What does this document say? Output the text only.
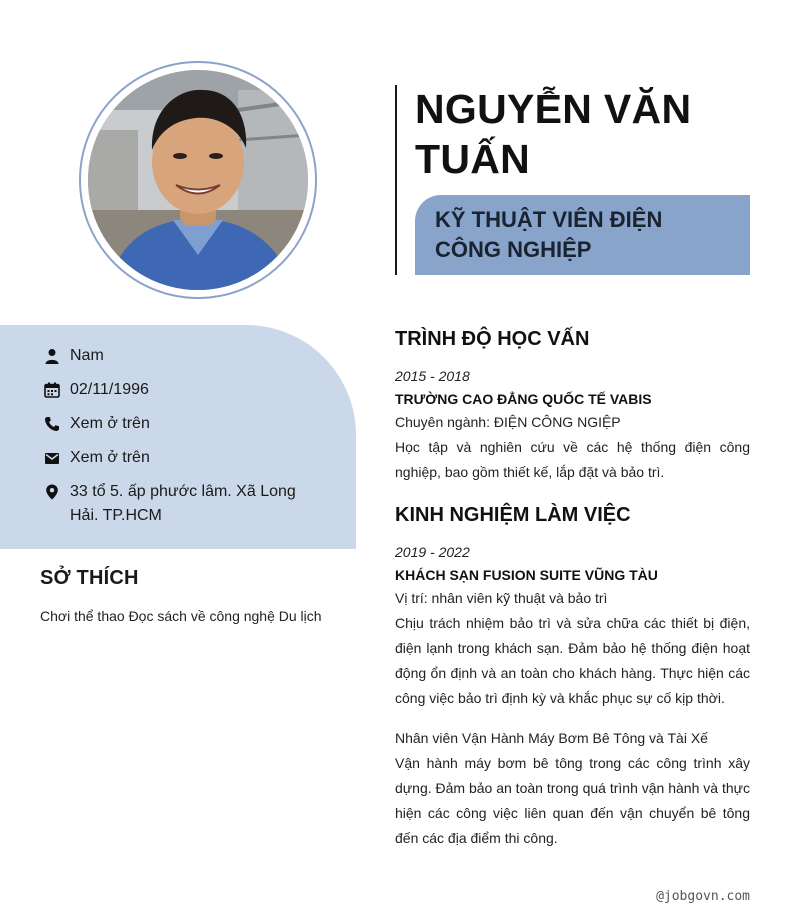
Nam
02/11/1996
Xem ở trên
Xem ở trên
33 tổ 5. ấp phước lâm. Xã Long Hải. TP.HCM
SỞ THÍCH
Chơi thể thao Đọc sách về công nghệ Du lịch
NGUYỄN VĂN TUẤN
KỸ THUẬT VIÊN ĐIỆN CÔNG NGHIỆP
TRÌNH ĐỘ HỌC VẤN
2015 - 2018
TRƯỜNG CAO ĐẲNG QUỐC TẾ VABIS
Chuyên ngành: ĐIỆN CÔNG NGIỆP
Học tập và nghiên cứu về các hệ thống điện công nghiệp, bao gồm thiết kế, lắp đặt và bảo trì.
KINH NGHIỆM LÀM VIỆC
2019 - 2022
KHÁCH SẠN FUSION SUITE VŨNG TÀU
Vị trí: nhân viên kỹ thuật và bảo trì
Chịu trách nhiệm bảo trì và sửa chữa các thiết bị điện, điện lạnh trong khách sạn. Đảm bảo hệ thống điện hoạt động ổn định và an toàn cho khách hàng. Thực hiện các công việc bảo trì định kỳ và khắc phục sự cố kịp thời.
Nhân viên Vận Hành Máy Bơm Bê Tông và Tài Xế
Vận hành máy bơm bê tông trong các công trình xây dựng. Đảm bảo an toàn trong quá trình vận hành và thực hiện các công việc liên quan đến vận chuyển bê tông đến các địa điểm thi công.
@jobgovn.com
